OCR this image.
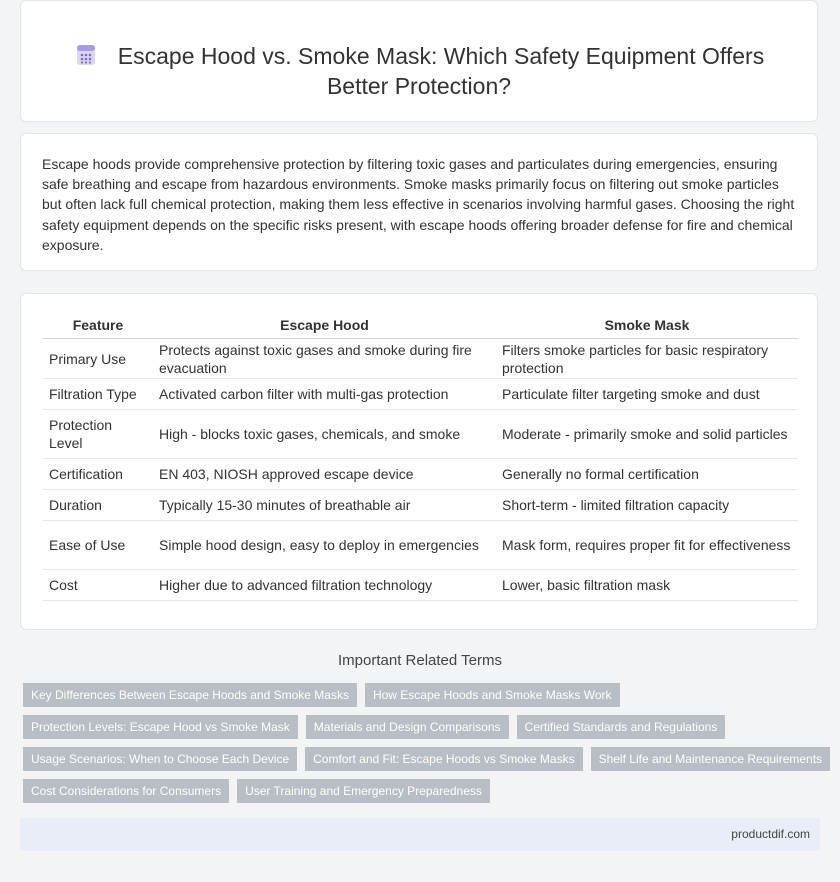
Escape Hood vs. Smoke Mask: Which Safety Equipment Offers Better Protection?
Escape hoods provide comprehensive protection by filtering toxic gases and particulates during emergencies, ensuring safe breathing and escape from hazardous environments. Smoke masks primarily focus on filtering out smoke particles but often lack full chemical protection, making them less effective in scenarios involving harmful gases. Choosing the right safety equipment depends on the specific risks present, with escape hoods offering broader defense for fire and chemical exposure.
Feature	Escape Hood	Smoke Mask
Primary Use	Protects against toxic gases and smoke during fire evacuation	Filters smoke particles for basic respiratory protection
Filtration Type	Activated carbon filter with multi-gas protection	Particulate filter targeting smoke and dust
Protection Level	High - blocks toxic gases, chemicals, and smoke	Moderate - primarily smoke and solid particles
Certification	EN 403, NIOSH approved escape device	Generally no formal certification
Duration	Typically 15-30 minutes of breathable air	Short-term - limited filtration capacity
Ease of Use	Simple hood design, easy to deploy in emergencies	Mask form, requires proper fit for effectiveness
Cost	Higher due to advanced filtration technology	Lower, basic filtration mask
Important Related Terms
Key Differences Between Escape Hoods and Smoke Masks	How Escape Hoods and Smoke Masks Work
Protection Levels: Escape Hood vs Smoke Mask	Materials and Design Comparisons	Certified Standards and Regulations
Usage Scenarios: When to Choose Each Device	Comfort and Fit: Escape Hoods vs Smoke Masks	Shelf Life and Maintenance Requirements
Cost Considerations for Consumers	User Training and Emergency Preparedness
productdif.com
